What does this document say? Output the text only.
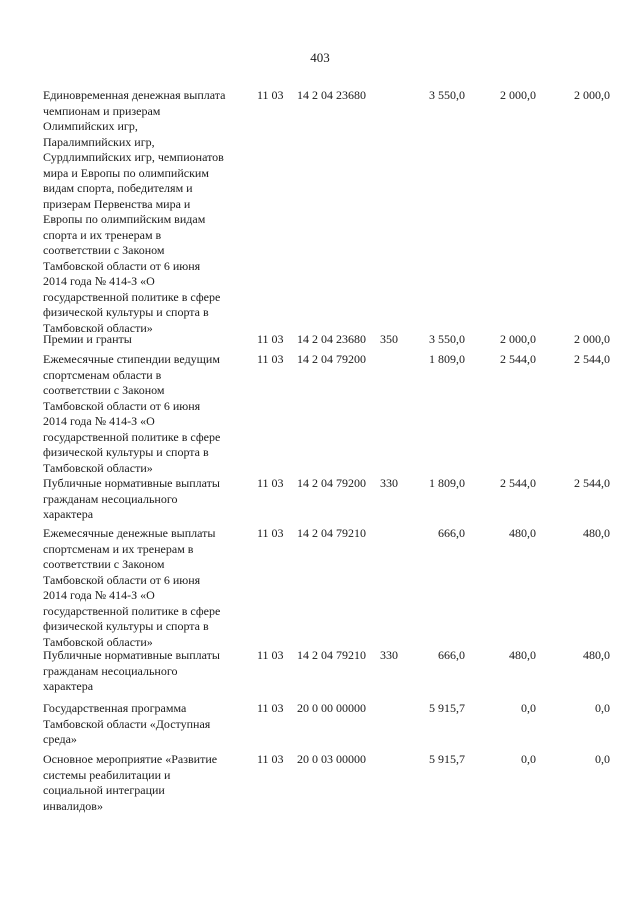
403
Единовременная денежная выплата
чемпионам и призерам
Олимпийских игр,
Паралимпийских игр,
Сурдлимпийских игр, чемпионатов
мира и Европы по олимпийским
видам спорта, победителям и
призерам Первенства мира и
Европы по олимпийским видам
спорта и их тренерам в
соответствии с Законом
Тамбовской области от 6 июня
2014 года № 414-З «О
государственной политике в сфере
физической культуры и спорта в
Тамбовской области»
11 03 14 2 04 23680	3 550,0	2 000,0	2 000,0
Премии и гранты	11 03 14 2 04 23680 350	3 550,0	2 000,0	2 000,0
Ежемесячные стипендии ведущим
спортсменам области в
соответствии с Законом
Тамбовской области от 6 июня
2014 года № 414-З «О
государственной политике в сфере
физической культуры и спорта в
Тамбовской области»
11 03 14 2 04 79200	1 809,0	2 544,0	2 544,0
Публичные нормативные выплаты
гражданам несоциального
характера
11 03 14 2 04 79200 330	1 809,0	2 544,0	2 544,0
Ежемесячные денежные выплаты
спортсменам и их тренерам в
соответствии с Законом
Тамбовской области от 6 июня
2014 года № 414-З «О
государственной политике в сфере
физической культуры и спорта в
Тамбовской области»
11 03 14 2 04 79210	666,0	480,0	480,0
Публичные нормативные выплаты
гражданам несоциального
характера
11 03 14 2 04 79210 330	666,0	480,0	480,0
Государственная программа
Тамбовской области «Доступная
среда»
11 03 20 0 00 00000	5 915,7	0,0	0,0
Основное мероприятие «Развитие
системы реабилитации и
социальной интеграции
инвалидов»
11 03 20 0 03 00000	5 915,7	0,0	0,0
